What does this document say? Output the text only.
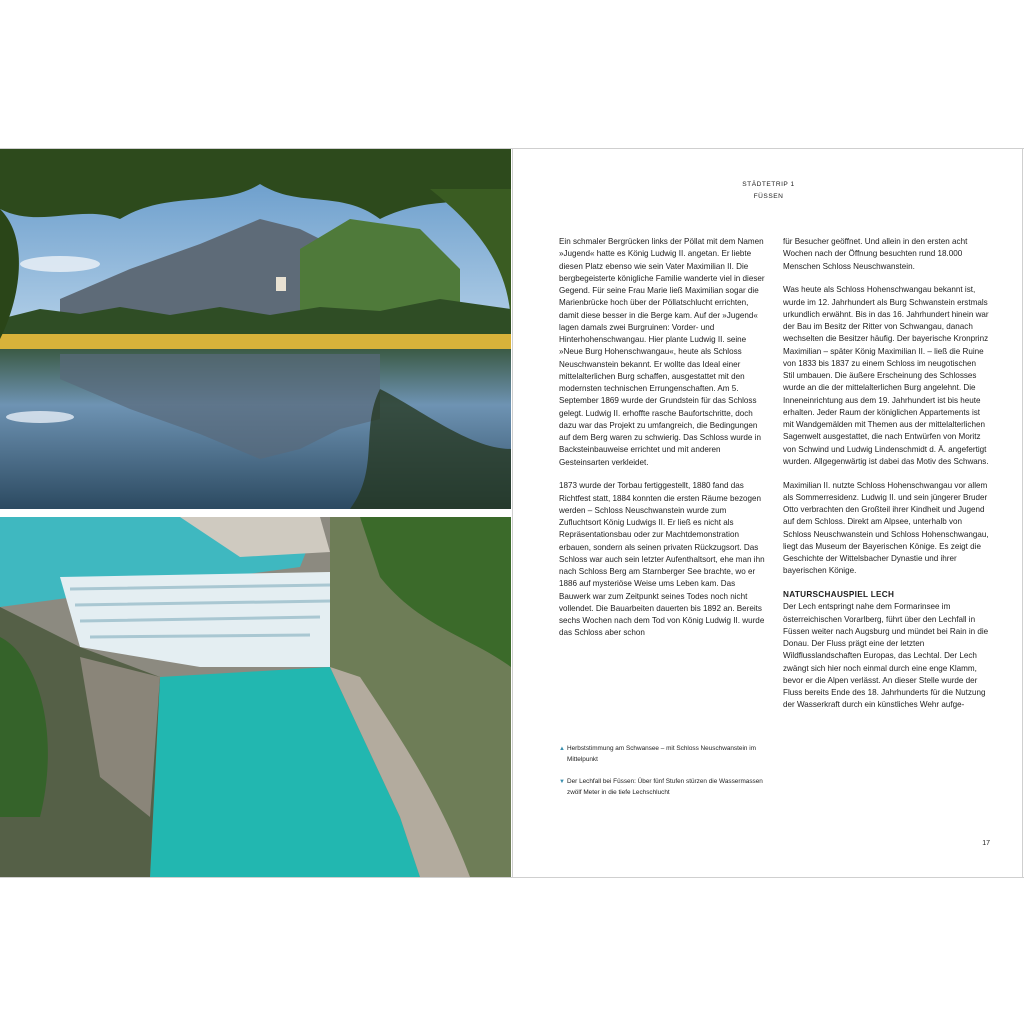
STÄDTETRIP 1
FÜSSEN

Ein schmaler Bergrücken links der Pöllat mit dem Namen »Jugend« hatte es König Ludwig II. angetan. Er liebte diesen Platz ebenso wie sein Vater Maximilian II. Die bergbegeisterte königliche Familie wanderte viel in dieser Gegend. Für seine Frau Marie ließ Maximilian sogar die Marienbrücke hoch über der Pöllatschlucht errichten, damit diese besser in die Berge kam. Auf der »Jugend« lagen damals zwei Burgruinen: Vorder- und Hinterhohenschwangau. Hier plante Ludwig II. seine »Neue Burg Hohenschwangau«, heute als Schloss Neuschwanstein bekannt. Er wollte das Ideal einer mittelalterlichen Burg schaffen, ausgestattet mit den modernsten technischen Errungenschaften. Am 5. September 1869 wurde der Grundstein für das Schloss gelegt. Ludwig II. erhoffte rasche Baufortschritte, doch dazu war das Projekt zu umfangreich, die Bedingungen auf dem Berg waren zu schwierig. Das Schloss wurde in Backsteinbauweise errichtet und mit anderen Gesteinsarten verkleidet.

1873 wurde der Torbau fertiggestellt, 1880 fand das Richtfest statt, 1884 konnten die ersten Räume bezogen werden – Schloss Neuschwanstein wurde zum Zufluchtsort König Ludwigs II. Er ließ es nicht als Repräsentationsbau oder zur Machtdemonstration erbauen, sondern als seinen privaten Rückzugsort. Das Schloss war auch sein letzter Aufenthaltsort, ehe man ihn nach Schloss Berg am Starnberger See brachte, wo er 1886 auf mysteriöse Weise ums Leben kam. Das Bauwerk war zum Zeitpunkt seines Todes noch nicht vollendet. Die Bauarbeiten dauerten bis 1892 an. Bereits sechs Wochen nach dem Tod von König Ludwig II. wurde das Schloss aber schon

▲ Herbststimmung am Schwansee – mit Schloss Neuschwanstein im Mittelpunkt
▼ Der Lechfall bei Füssen: Über fünf Stufen stürzen die Wassermassen zwölf Meter in die tiefe Lechschlucht

für Besucher geöffnet. Und allein in den ersten acht Wochen nach der Öffnung besuchten rund 18.000 Menschen Schloss Neuschwanstein.

Was heute als Schloss Hohenschwangau bekannt ist, wurde im 12. Jahrhundert als Burg Schwanstein erstmals urkundlich erwähnt. Bis in das 16. Jahrhundert hinein war der Bau im Besitz der Ritter von Schwangau, danach wechselten die Besitzer häufig. Der bayerische Kronprinz Maximilian – später König Maximilian II. – ließ die Ruine von 1833 bis 1837 zu einem Schloss im neugotischen Stil umbauen. Die äußere Erscheinung des Schlosses wurde an die der mittelalterlichen Burg angelehnt. Die Inneneinrichtung aus dem 19. Jahrhundert ist bis heute erhalten. Jeder Raum der königlichen Appartements ist mit Wandgemälden mit Themen aus der mittelalterlichen Sagenwelt ausgestattet, die nach Entwürfen von Moritz von Schwind und Ludwig Lindenschmidt d. Ä. angefertigt wurden. Allgegenwärtig ist dabei das Motiv des Schwans.

Maximilian II. nutzte Schloss Hohenschwangau vor allem als Sommerresidenz. Ludwig II. und sein jüngerer Bruder Otto verbrachten den Großteil ihrer Kindheit und Jugend auf dem Schloss. Direkt am Alpsee, unterhalb von Schloss Neuschwanstein und Schloss Hohenschwangau, liegt das Museum der Bayerischen Könige. Es zeigt die Geschichte der Wittelsbacher Dynastie und ihrer bayerischen Könige.

NATURSCHAUSPIEL LECH

Der Lech entspringt nahe dem Formarinsee im österreichischen Vorarlberg, führt über den Lechfall in Füssen weiter nach Augsburg und mündet bei Rain in die Donau. Der Fluss prägt eine der letzten Wildflusslandschaften Europas, das Lechtal. Der Lech zwängt sich hier noch einmal durch eine enge Klamm, bevor er die Alpen verlässt. An dieser Stelle wurde der Fluss bereits Ende des 18. Jahrhunderts für die Nutzung der Wasserkraft durch ein künstliches Wehr aufge-

17
